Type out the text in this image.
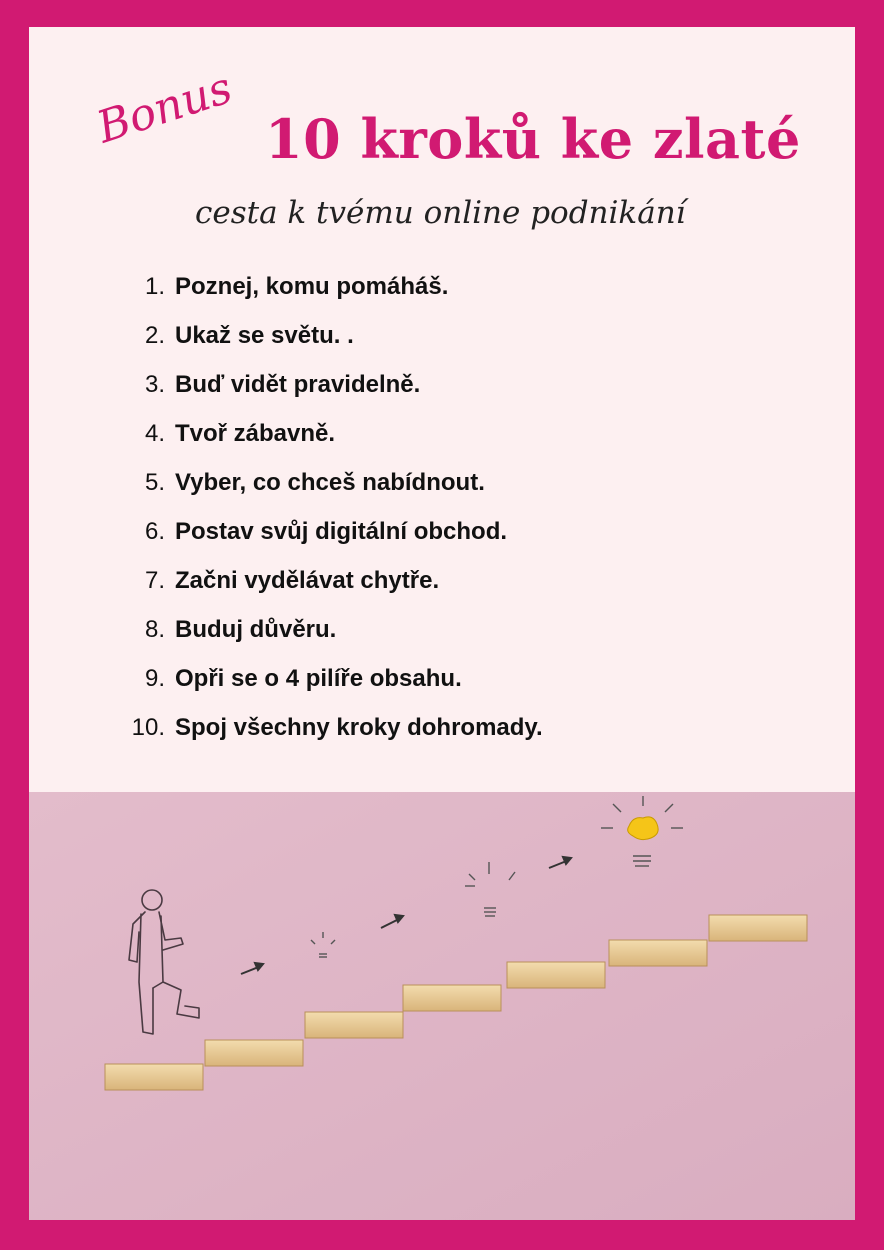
Bonus 10 kroků ke zlaté
cesta k tvému online podnikání
1. Poznej, komu pomáháš.
2. Ukaž se světu. .
3. Buď vidět pravidelně.
4. Tvoř zábavně.
5. Vyber, co chceš nabídnout.
6. Postav svůj digitální obchod.
7. Začni vydělávat chytře.
8. Buduj důvěru.
9. Opři se o 4 pilíře obsahu.
10. Spoj všechny kroky dohromady.
